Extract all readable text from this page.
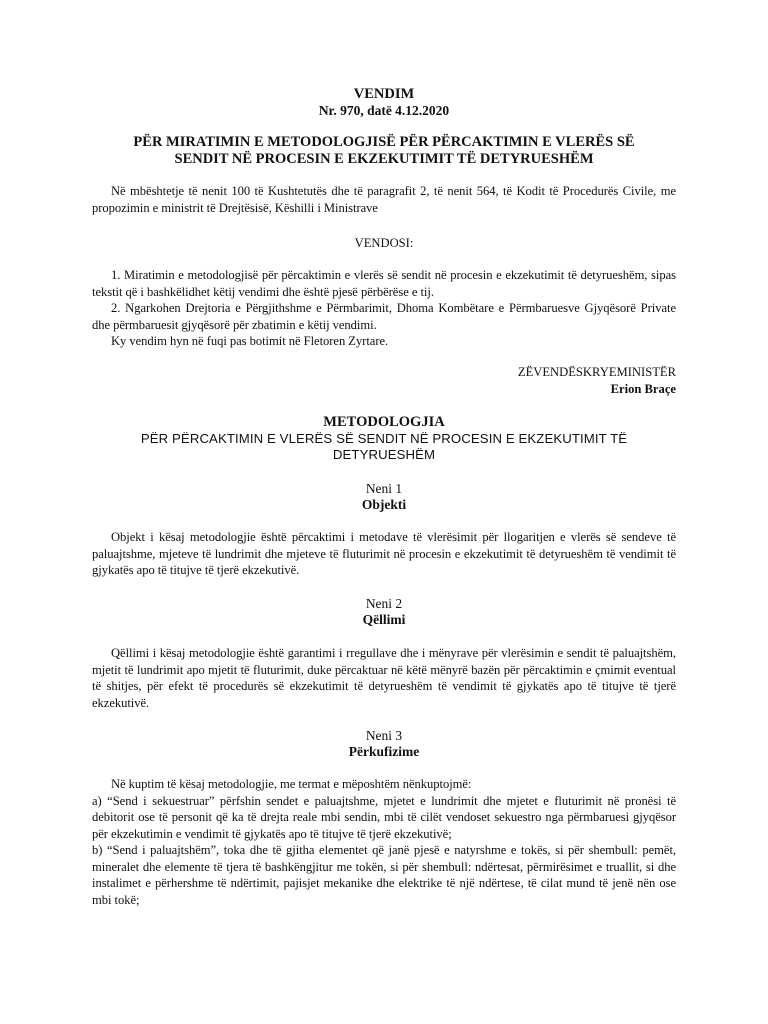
VENDIM
Nr. 970, datë 4.12.2020
PËR MIRATIMIN E METODOLOGJISË PËR PËRCAKTIMIN E VLERËS SË
SENDIT NË PROCESIN E EKZEKUTIMIT TË DETYRUESHËM

Në mbështetje të nenit 100 të Kushtetutës dhe të paragrafit 2, të nenit 564, të Kodit të Procedurës Civile, me propozimin e ministrit të Drejtësisë, Këshilli i Ministrave

VENDOSI:

1. Miratimin e metodologjisë për përcaktimin e vlerës së sendit në procesin e ekzekutimit të detyrueshëm, sipas tekstit që i bashkëlidhet këtij vendimi dhe është pjesë përbërëse e tij.

2. Ngarkohen Drejtoria e Përgjithshme e Përmbarimit, Dhoma Kombëtare e Përmbaruesve Gjyqësorë Private dhe përmbaruesit gjyqësorë për zbatimin e këtij vendimi.

Ky vendim hyn në fuqi pas botimit në Fletoren Zyrtare.

ZËVENDËSKRYEMINISTËR
Erion Braçe
METODOLOGJIA
PËR PËRCAKTIMIN E VLERËS SË SENDIT NË PROCESIN E EKZEKUTIMIT TË
DETYRUESHËM
Neni 1
Objekti

Objekt i kësaj metodologjie është përcaktimi i metodave të vlerësimit për llogaritjen e vlerës së sendeve të paluajtshme, mjeteve të lundrimit dhe mjeteve të fluturimit në procesin e ekzekutimit të detyrueshëm të vendimit të gjykatës apo të titujve të tjerë ekzekutivë.

Neni 2
Qëllimi

Qëllimi i kësaj metodologjie është garantimi i rregullave dhe i mënyrave për vlerësimin e sendit të paluajtshëm, mjetit të lundrimit apo mjetit të fluturimit, duke përcaktuar në këtë mënyrë bazën për përcaktimin e çmimit eventual të shitjes, për efekt të procedurës së ekzekutimit të detyrueshëm të vendimit të gjykatës apo të titujve të tjerë ekzekutivë.

Neni 3
Përkufizime

Në kuptim të kësaj metodologjie, me termat e mëposhtëm nënkuptojmë:

a) “Send i sekuestruar” përfshin sendet e paluajtshme, mjetet e lundrimit dhe mjetet e fluturimit në pronësi të debitorit ose të personit që ka të drejta reale mbi sendin, mbi të cilët vendoset sekuestro nga përmbaruesi gjyqësor për ekzekutimin e vendimit të gjykatës apo të titujve të tjerë ekzekutivë;

b) “Send i paluajtshëm”, toka dhe të gjitha elementet që janë pjesë e natyrshme e tokës, si për shembull: pemët, mineralet dhe elemente të tjera të bashkëngjitur me tokën, si për shembull: ndërtesat, përmirësimet e truallit, si dhe instalimet e përhershme të ndërtimit, pajisjet mekanike dhe elektrike të një ndërtese, të cilat mund të jenë nën ose mbi tokë;
